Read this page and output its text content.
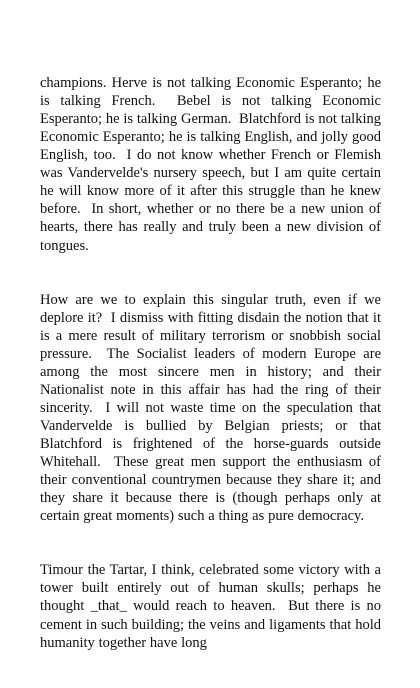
champions. Herve is not talking Economic Esperanto; he is talking French.  Bebel is not talking Economic Esperanto; he is talking German.  Blatchford is not talking Economic Esperanto; he is talking English, and jolly good English, too.  I do not know whether French or Flemish was Vandervelde's nursery speech, but I am quite certain he will know more of it after this struggle than he knew before.  In short, whether or no there be a new union of hearts, there has really and truly been a new division of tongues.

How are we to explain this singular truth, even if we deplore it?  I dismiss with fitting disdain the notion that it is a mere result of military terrorism or snobbish social pressure.  The Socialist leaders of modern Europe are among the most sincere men in history; and their Nationalist note in this affair has had the ring of their sincerity.  I will not waste time on the speculation that Vandervelde is bullied by Belgian priests; or that Blatchford is frightened of the horse-guards outside Whitehall.  These great men support the enthusiasm of their conventional countrymen because they share it; and they share it because there is (though perhaps only at certain great moments) such a thing as pure democracy.

Timour the Tartar, I think, celebrated some victory with a tower built entirely out of human skulls; perhaps he thought _that_ would reach to heaven.  But there is no cement in such building; the veins and ligaments that hold humanity together have long
